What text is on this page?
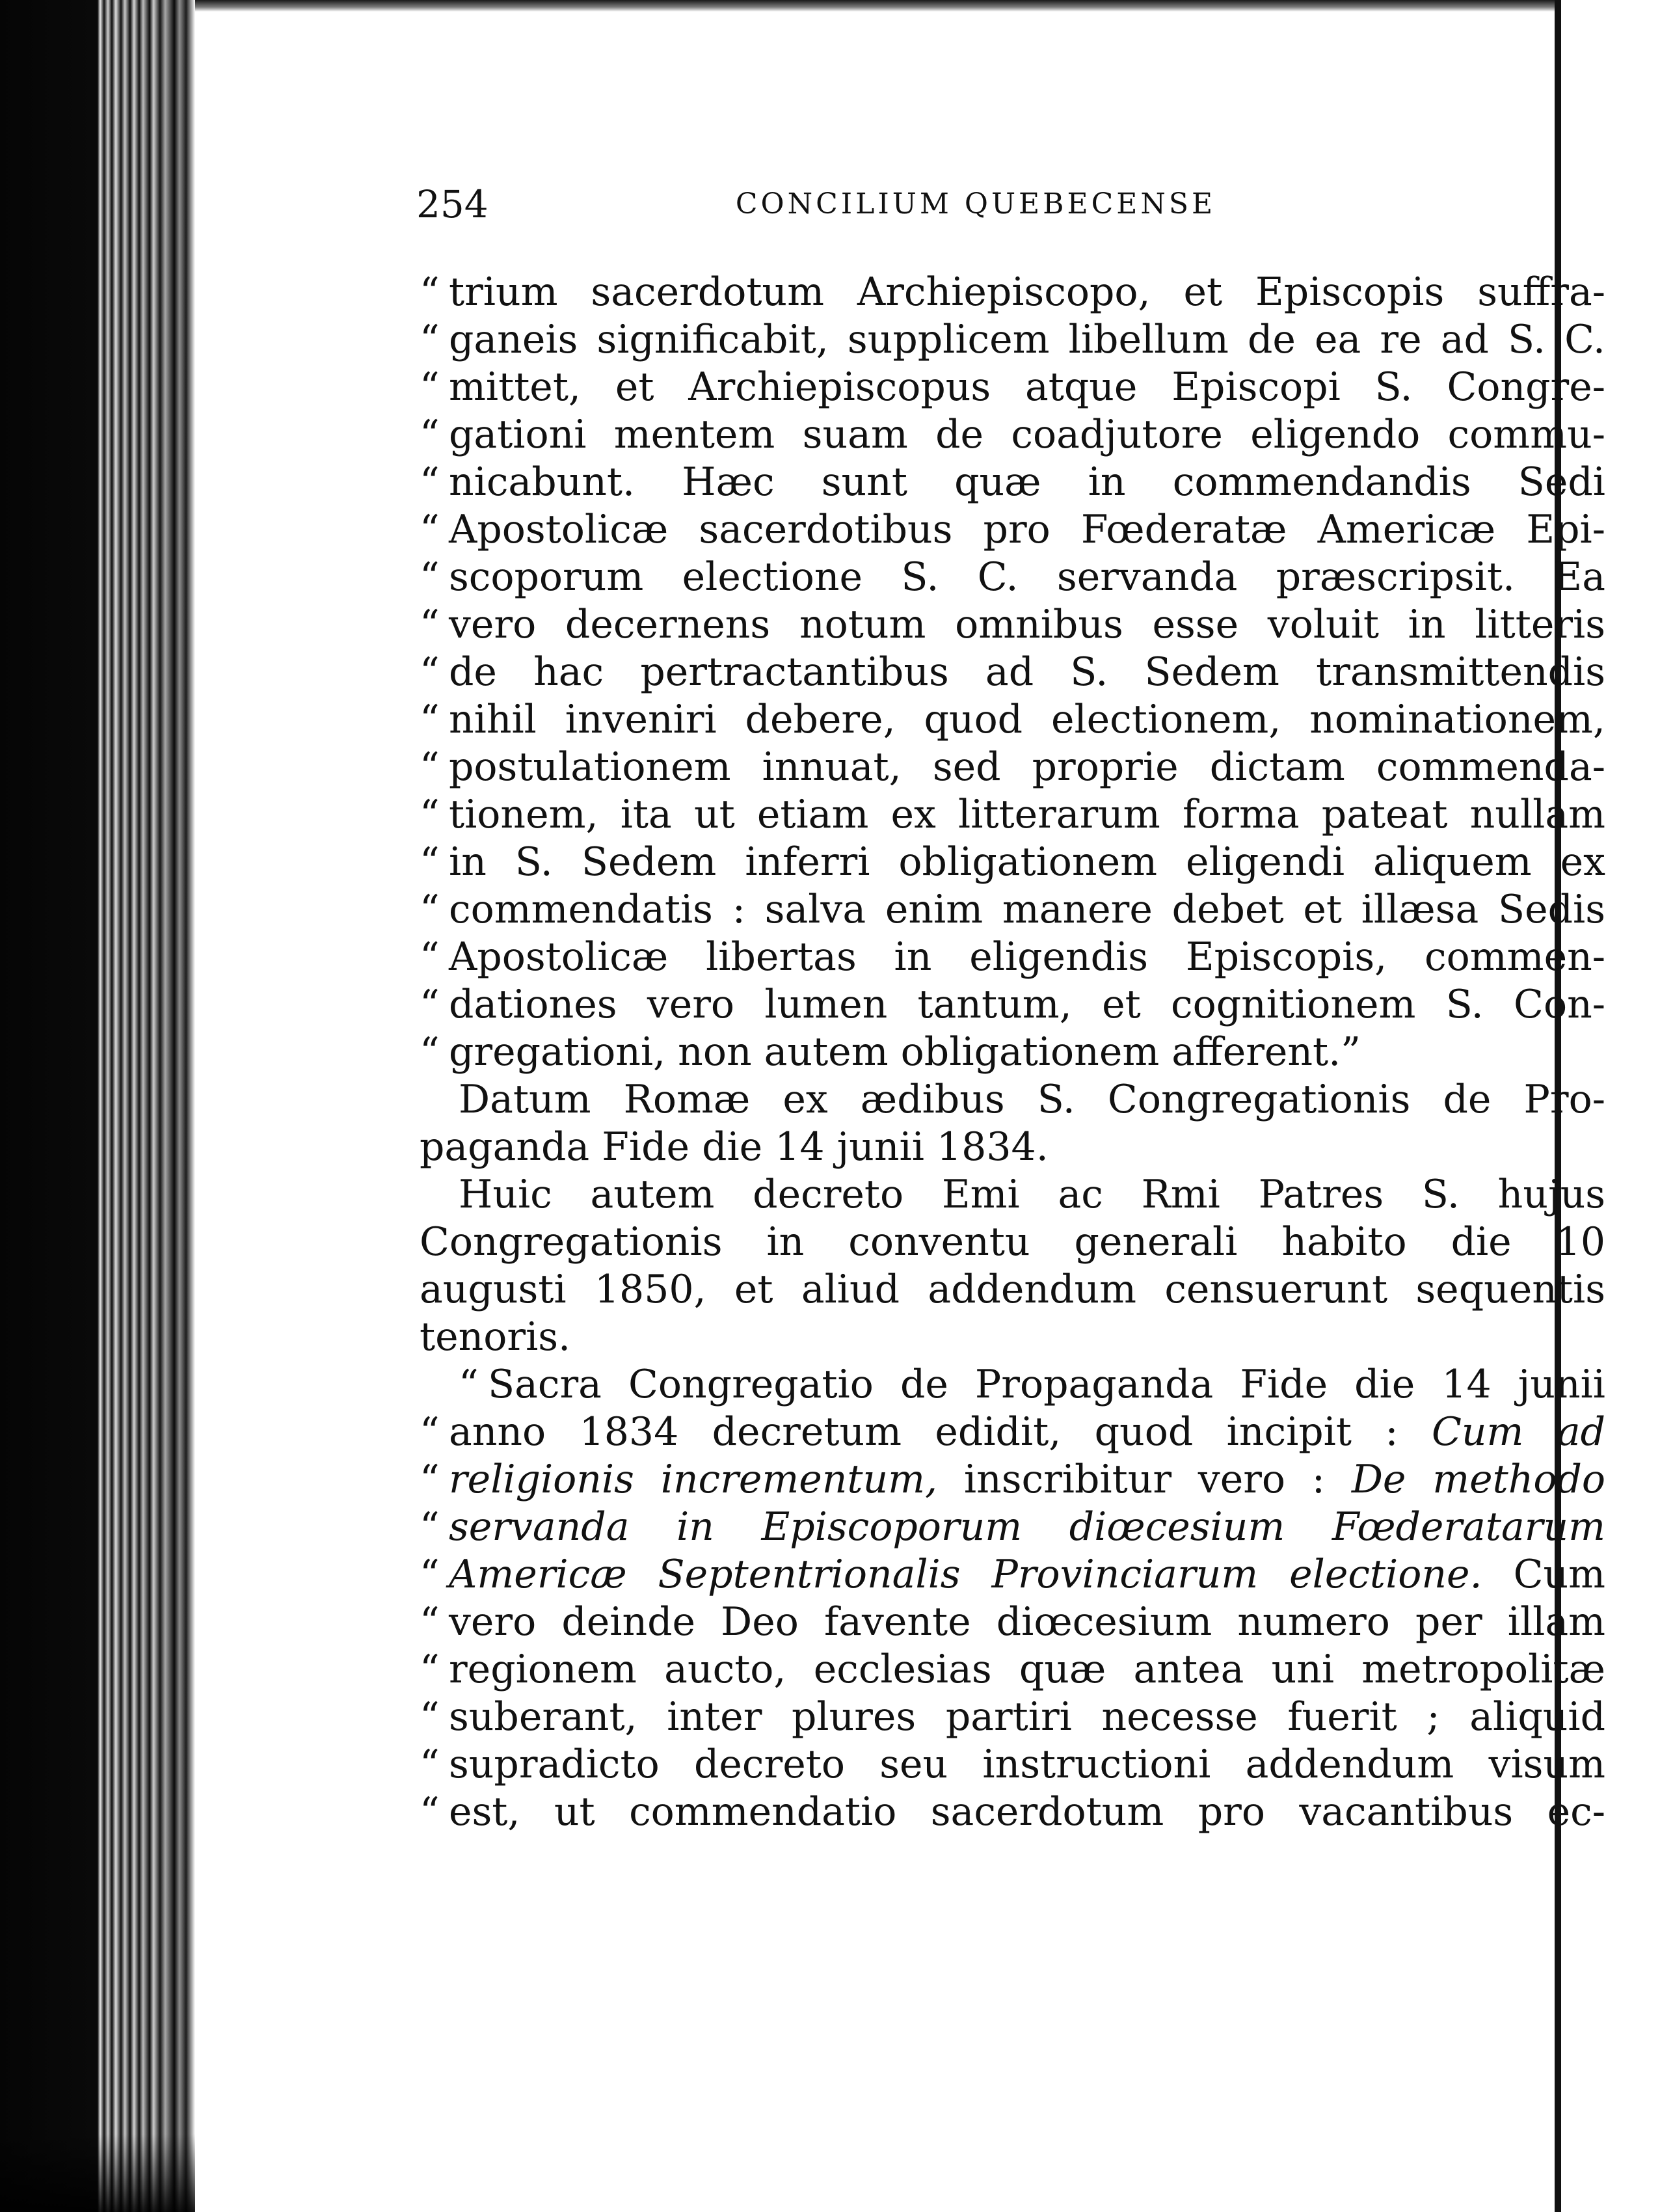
254	CONCILIUM QUEBECENSE
“ trium sacerdotum Archiepiscopo, et Episcopis suffra-
“ ganeis significabit, supplicem libellum de ea re ad S. C.
“ mittet, et Archiepiscopus atque Episcopi S. Congre-
“ gationi mentem suam de coadjutore eligendo commu-
“ nicabunt. Hæc sunt quæ in commendandis Sedi
“ Apostolicæ sacerdotibus pro Fœderatæ Americæ Epi-
“ scoporum electione S. C. servanda præscripsit. Ea
“ vero decernens notum omnibus esse voluit in litteris
“ de hac pertractantibus ad S. Sedem transmittendis
“ nihil inveniri debere, quod electionem, nominationem,
“ postulationem innuat, sed proprie dictam commenda-
“ tionem, ita ut etiam ex litterarum forma pateat nullam
“ in S. Sedem inferri obligationem eligendi aliquem ex
“ commendatis : salva enim manere debet et illæsa Sedis
“ Apostolicæ libertas in eligendis Episcopis, commen-
“ dationes vero lumen tantum, et cognitionem S. Con-
“ gregationi, non autem obligationem afferent.”
Datum Romæ ex ædibus S. Congregationis de Pro-
paganda Fide die 14 junii 1834.
Huic autem decreto Emi ac Rmi Patres S. hujus
Congregationis in conventu generali habito die 10
augusti 1850, et aliud addendum censuerunt sequentis
tenoris.
“ Sacra Congregatio de Propaganda Fide die 14 junii
“ anno 1834 decretum edidit, quod incipit : Cum ad
“ religionis incrementum, inscribitur vero : De methodo
“ servanda in Episcoporum diœcesium Fœderatarum
“ Americæ Septentrionalis Provinciarum electione. Cum
“ vero deinde Deo favente diœcesium numero per illam
“ regionem aucto, ecclesias quæ antea uni metropolitæ
“ suberant, inter plures partiri necesse fuerit ; aliquid
“ supradicto decreto seu instructioni addendum visum
“ est, ut commendatio sacerdotum pro vacantibus ec-
